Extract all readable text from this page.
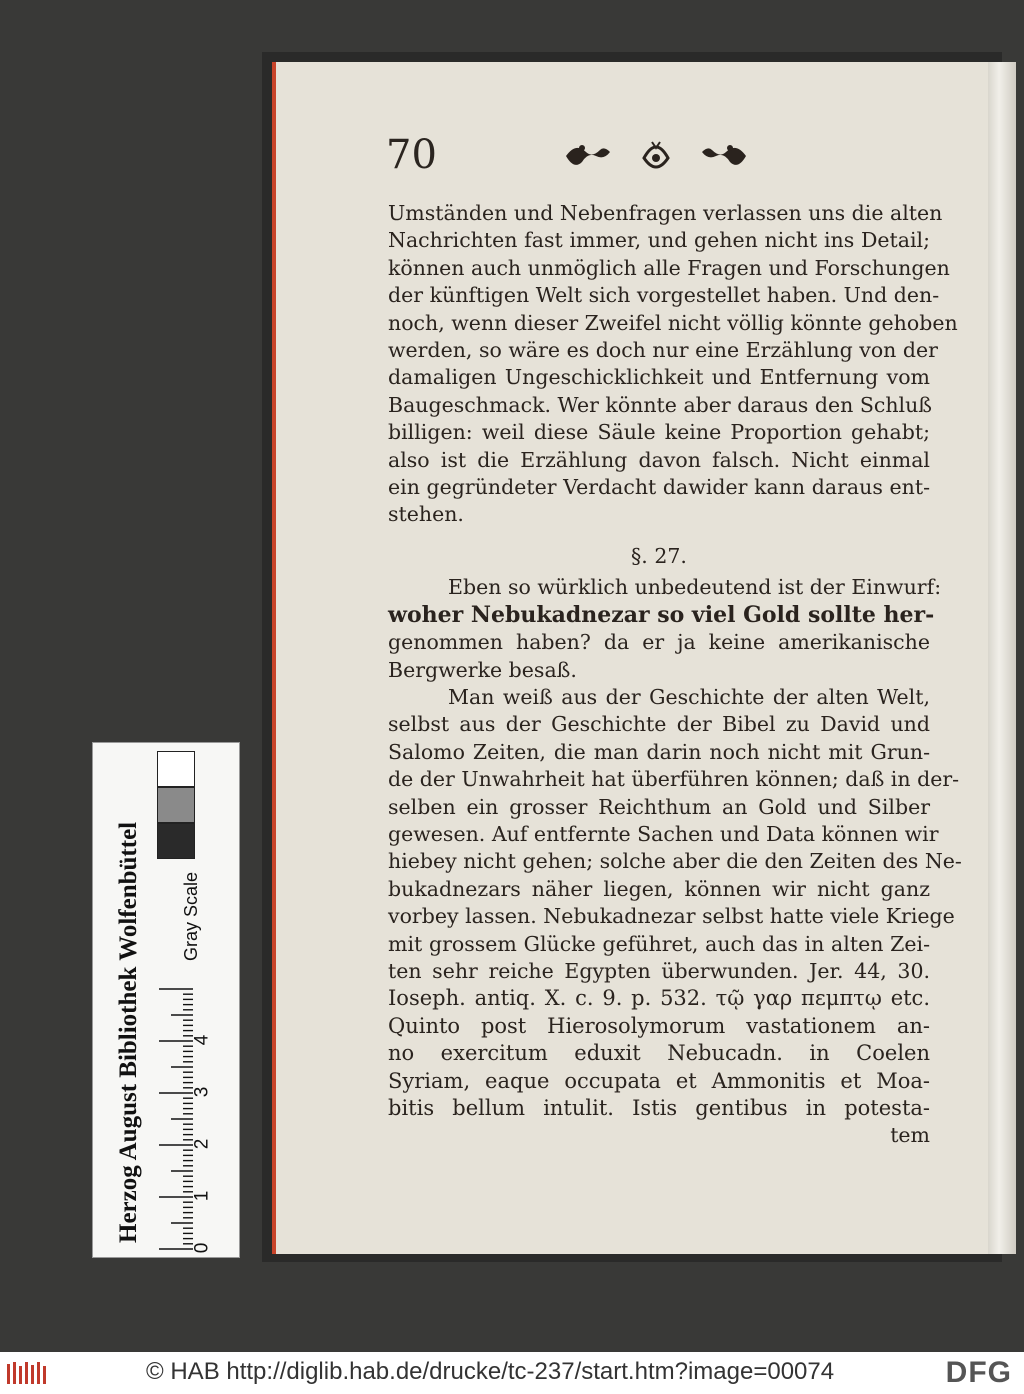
70
Umständen und Nebenfragen verlassen uns die alten
Nachrichten fast immer, und gehen nicht ins Detail;
können auch unmöglich alle Fragen und Forschungen
der künftigen Welt sich vorgestellet haben. Und den-
noch, wenn dieser Zweifel nicht völlig könnte gehoben
werden, so wäre es doch nur eine Erzählung von der
damaligen Ungeschicklichkeit und Entfernung vom
Baugeschmack. Wer könnte aber daraus den Schluß
billigen: weil diese Säule keine Proportion gehabt;
also ist die Erzählung davon falsch. Nicht einmal
ein gegründeter Verdacht dawider kann daraus ent-
stehen.
§. 27.
Eben so würklich unbedeutend ist der Einwurf:
woher Nebukadnezar so viel Gold sollte her-
genommen haben? da er ja keine amerikanische
Bergwerke besaß.
Man weiß aus der Geschichte der alten Welt,
selbst aus der Geschichte der Bibel zu David und
Salomo Zeiten, die man darin noch nicht mit Grun-
de der Unwahrheit hat überführen können; daß in der-
selben ein grosser Reichthum an Gold und Silber
gewesen. Auf entfernte Sachen und Data können wir
hiebey nicht gehen; solche aber die den Zeiten des Ne-
bukadnezars näher liegen, können wir nicht ganz
vorbey lassen. Nebukadnezar selbst hatte viele Kriege
mit grossem Glücke geführet, auch das in alten Zei-
ten sehr reiche Egypten überwunden. Jer. 44, 30.
Ioseph. antiq. X. c. 9. p. 532. τῷ γαρ πεμπτῳ etc.
Quinto post Hierosolymorum vastationem an-
no exercitum eduxit Nebucadn. in Coelen
Syriam, eaque occupata et Ammonitis et Moa-
bitis bellum intulit. Istis gentibus in potesta-
tem
Herzog August Bibliothek Wolfenbüttel Gray Scale
0
1
2
3
4
© HAB http://diglib.hab.de/drucke/tc-237/start.htm?image=00074	DFG
